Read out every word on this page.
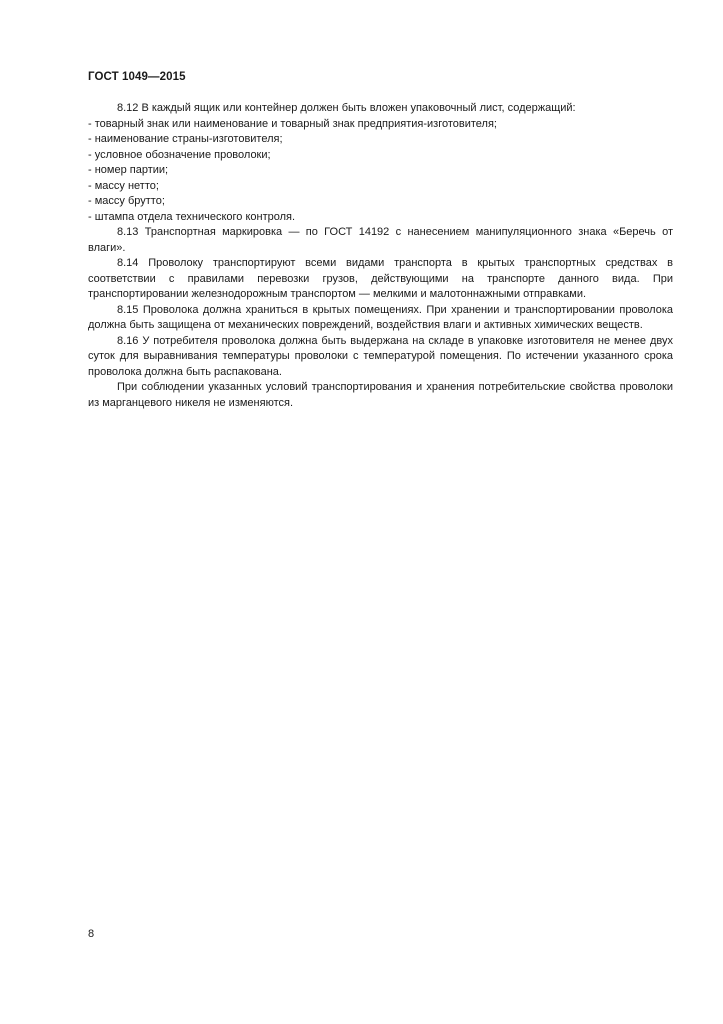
ГОСТ 1049—2015

8.12 В каждый ящик или контейнер должен быть вложен упаковочный лист, содержащий:

- товарный знак или наименование и товарный знак предприятия-изготовителя;

- наименование страны-изготовителя;

- условное обозначение проволоки;

- номер партии;

- массу нетто;

- массу брутто;

- штампа отдела технического контроля.

8.13 Транспортная маркировка — по ГОСТ 14192 с нанесением манипуляционного знака «Беречь от влаги».

8.14 Проволоку транспортируют всеми видами транспорта в крытых транспортных средствах в соответствии с правилами перевозки грузов, действующими на транспорте данного вида. При транспортировании железнодорожным транспортом — мелкими и малотоннажными отправками.

8.15 Проволока должна храниться в крытых помещениях. При хранении и транспортировании проволока должна быть защищена от механических повреждений, воздействия влаги и активных химических веществ.

8.16 У потребителя проволока должна быть выдержана на складе в упаковке изготовителя не менее двух суток для выравнивания температуры проволоки с температурой помещения. По истечении указанного срока проволока должна быть распакована.

При соблюдении указанных условий транспортирования и хранения потребительские свойства проволоки из марганцевого никеля не изменяются.

8
